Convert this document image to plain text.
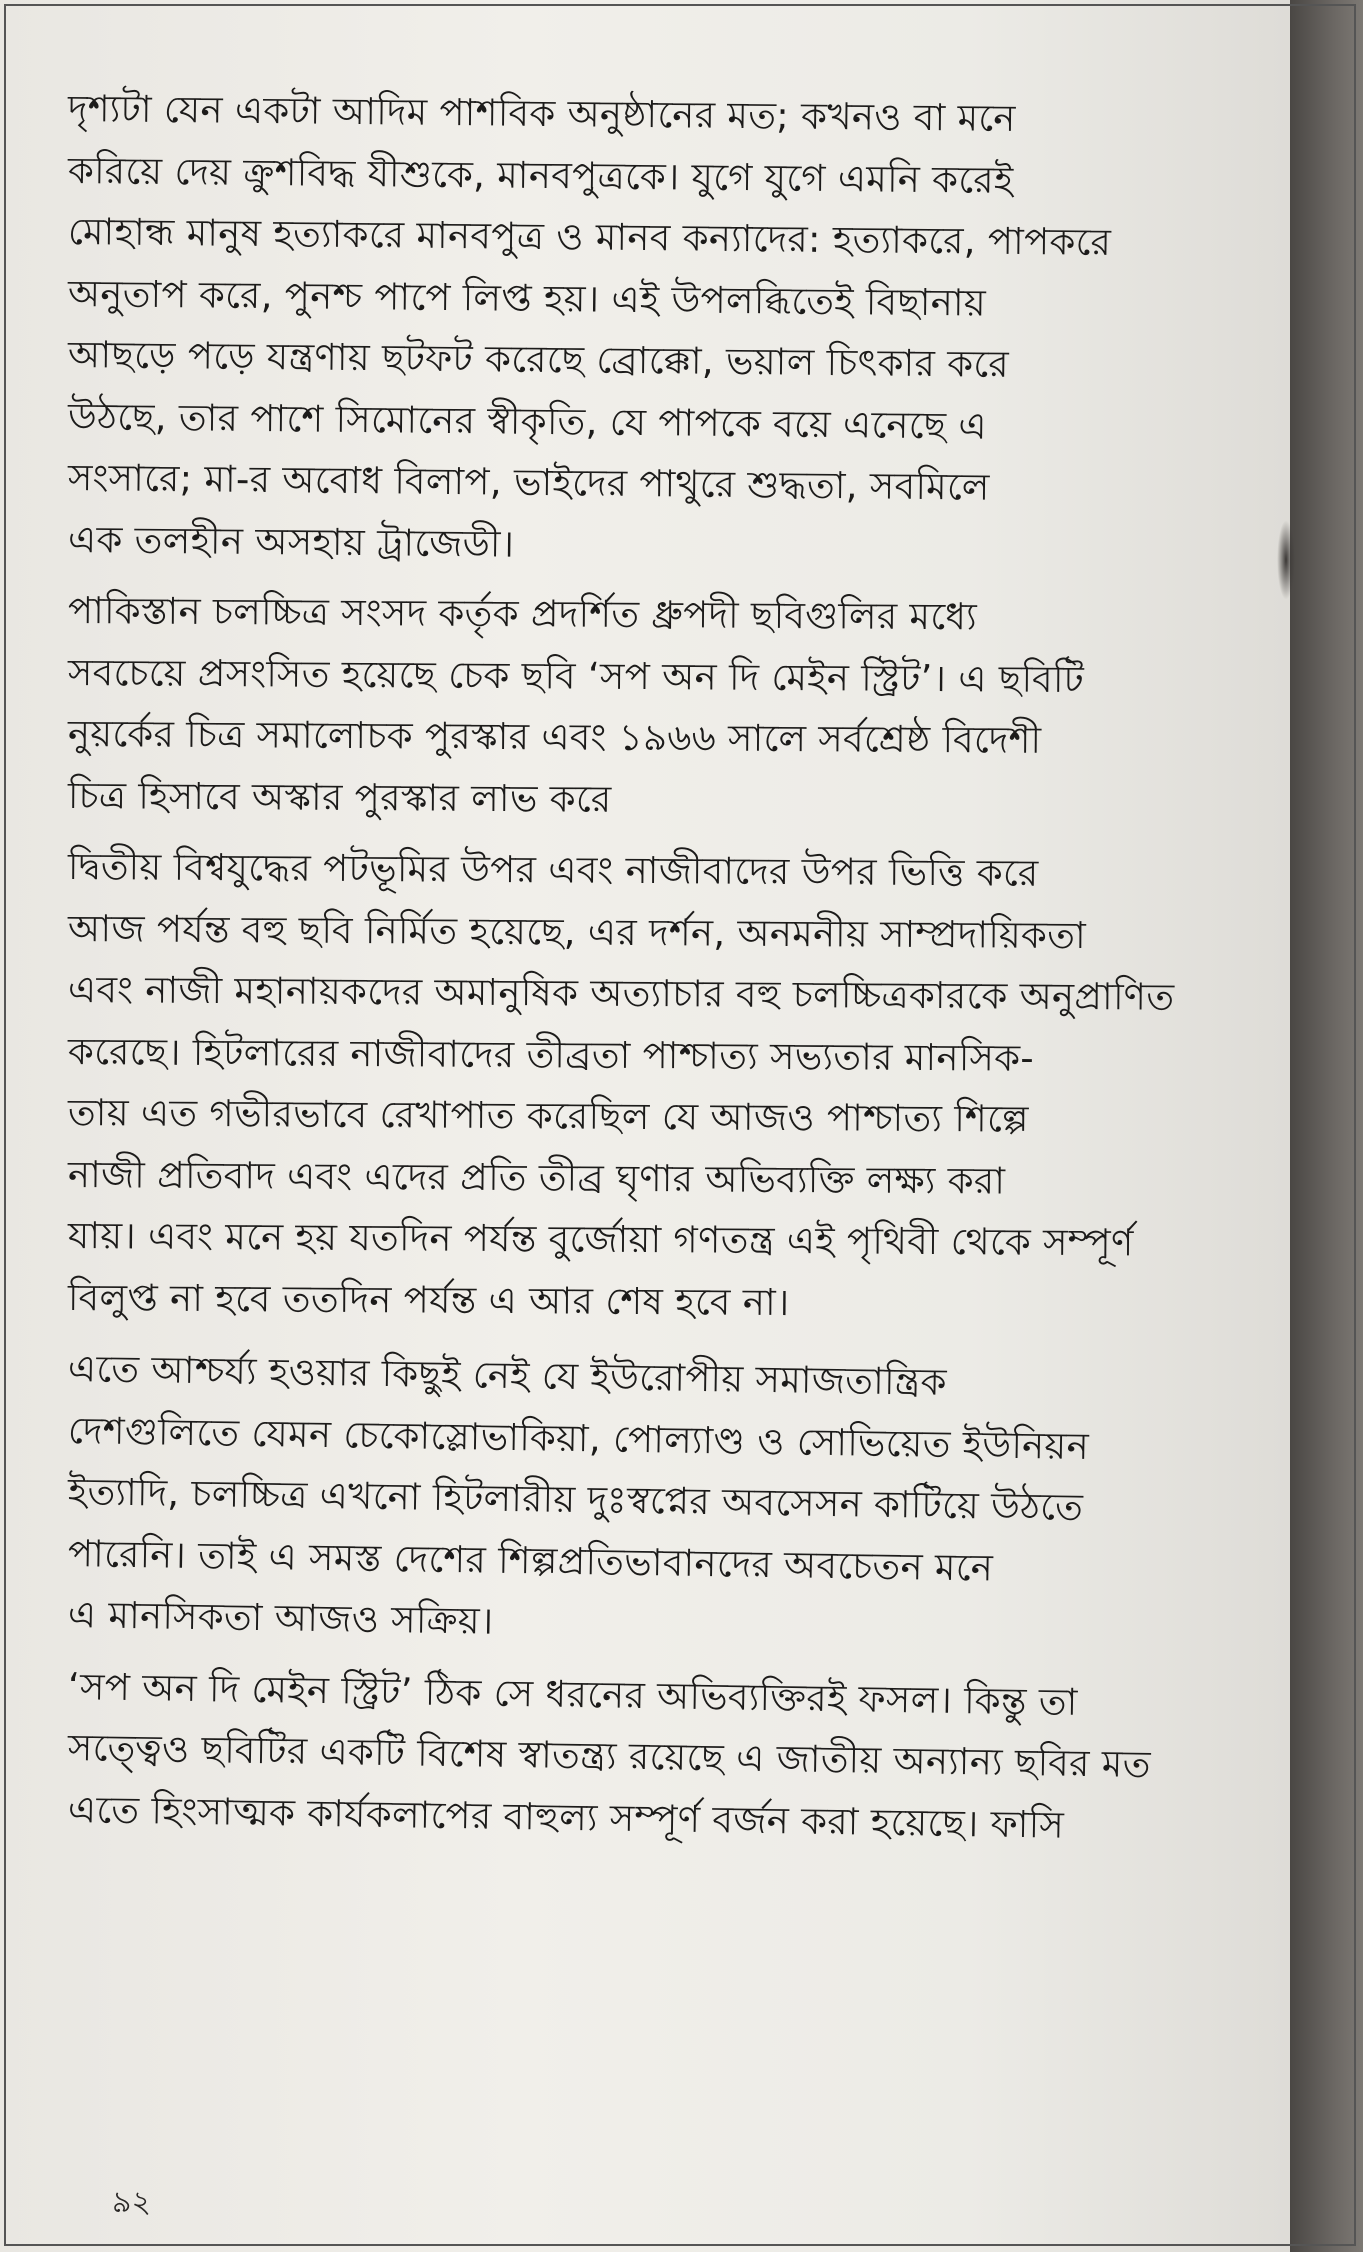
দৃশ্যটা যেন একটা আদিম পাশবিক অনুষ্ঠানের মত; কখনও বা মনে
করিয়ে দেয় ক্রুশবিদ্ধ যীশুকে, মানবপুত্রকে। যুগে যুগে এমনি করেই
মোহান্ধ মানুষ হত্যাকরে মানবপুত্র ও মানব কন্যাদের: হত্যাকরে, পাপকরে
অনুতাপ করে, পুনশ্চ পাপে লিপ্ত হয়। এই উপলব্ধিতেই বিছানায়
আছড়ে পড়ে যন্ত্রণায় ছটফট করেছে ব্রোক্কো, ভয়াল চিৎকার করে
উঠছে, তার পাশে সিমোনের স্বীকৃতি, যে পাপকে বয়ে এনেছে এ
সংসারে; মা-র অবোধ বিলাপ, ভাইদের পাথুরে শুদ্ধতা, সবমিলে
এক তলহীন অসহায় ট্রাজেডী।
পাকিস্তান চলচ্চিত্র সংসদ কর্তৃক প্রদর্শিত ধ্রুপদী ছবিগুলির মধ্যে
সবচেয়ে প্রসংসিত হয়েছে চেক ছবি ‘সপ অন দি মেইন স্ট্রিট’। এ ছবিটি
নুয়র্কের চিত্র সমালোচক পুরস্কার এবং ১৯৬৬ সালে সর্বশ্রেষ্ঠ বিদেশী
চিত্র হিসাবে অস্কার পুরস্কার লাভ করে
দ্বিতীয় বিশ্বযুদ্ধের পটভূমির উপর এবং নাজীবাদের উপর ভিত্তি করে
আজ পর্যন্ত বহু ছবি নির্মিত হয়েছে, এর দর্শন, অনমনীয় সাম্প্রদায়িকতা
এবং নাজী মহানায়কদের অমানুষিক অত্যাচার বহু চলচ্চিত্রকারকে অনুপ্রাণিত
করেছে। হিটলারের নাজীবাদের তীব্রতা পাশ্চাত্য সভ্যতার মানসিক-
তায় এত গভীরভাবে রেখাপাত করেছিল যে আজও পাশ্চাত্য শিল্পে
নাজী প্রতিবাদ এবং এদের প্রতি তীব্র ঘৃণার অভিব্যক্তি লক্ষ্য করা
যায়। এবং মনে হয় যতদিন পর্যন্ত বুর্জোয়া গণতন্ত্র এই পৃথিবী থেকে সম্পূর্ণ
বিলুপ্ত না হবে ততদিন পর্যন্ত এ আর শেষ হবে না।
এতে আশ্চর্য্য হওয়ার কিছুই নেই যে ইউরোপীয় সমাজতান্ত্রিক
দেশগুলিতে যেমন চেকোস্লোভাকিয়া, পোল্যাণ্ড ও সোভিয়েত ইউনিয়ন
ইত্যাদি, চলচ্চিত্র এখনো হিটলারীয় দুঃস্বপ্নের অবসেসন কাটিয়ে উঠতে
পারেনি। তাই এ সমস্ত দেশের শিল্পপ্রতিভাবানদের অবচেতন মনে
এ মানসিকতা আজও সক্রিয়।
‘সপ অন দি মেইন স্ট্রিট’ ঠিক সে ধরনের অভিব্যক্তিরই ফসল। কিন্তু তা
সত্ত্বেও ছবিটির একটি বিশেষ স্বাতন্ত্র্য রয়েছে এ জাতীয় অন্যান্য ছবির মত
এতে হিংসাত্মক কার্যকলাপের বাহুল্য সম্পূর্ণ বর্জন করা হয়েছে। ফাসি
৯২
